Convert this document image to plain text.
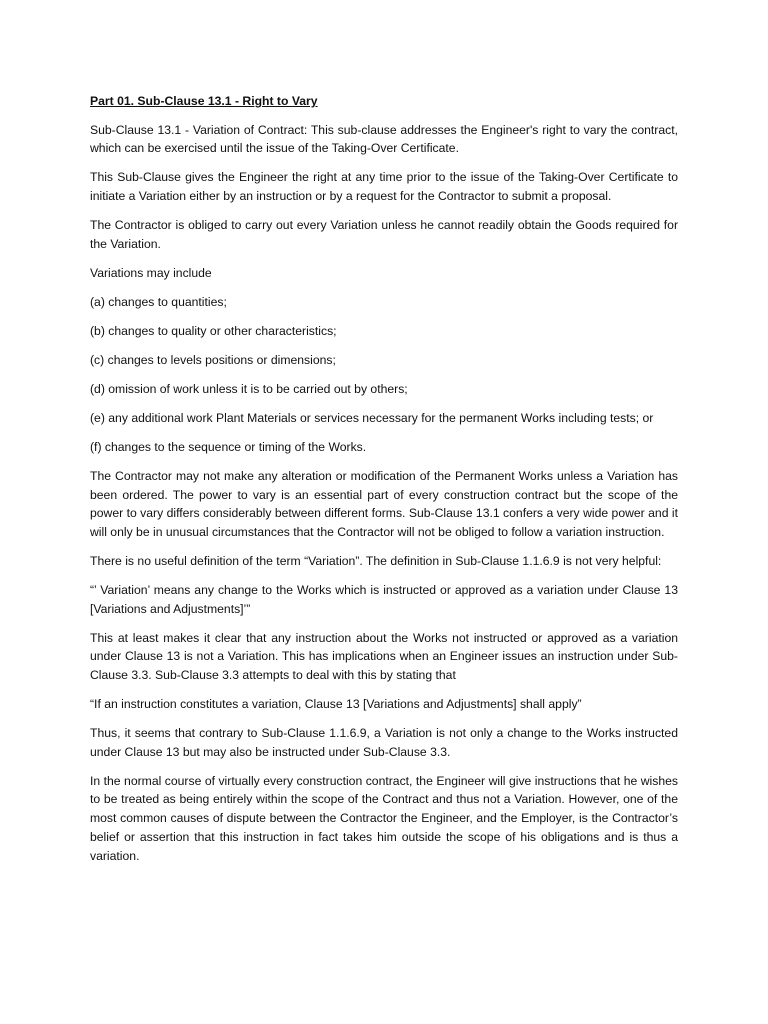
Part 01. Sub-Clause 13.1 - Right to Vary

Sub-Clause 13.1 - Variation of Contract: This sub-clause addresses the Engineer's right to vary the contract, which can be exercised until the issue of the Taking-Over Certificate.

This Sub-Clause gives the Engineer the right at any time prior to the issue of the Taking-Over Certificate to initiate a Variation either by an instruction or by a request for the Contractor to submit a proposal.

The Contractor is obliged to carry out every Variation unless he cannot readily obtain the Goods required for the Variation.

Variations may include

(a) changes to quantities;

(b) changes to quality or other characteristics;

(c) changes to levels positions or dimensions;

(d) omission of work unless it is to be carried out by others;

(e) any additional work Plant Materials or services necessary for the permanent Works including tests; or

(f) changes to the sequence or timing of the Works.

The Contractor may not make any alteration or modification of the Permanent Works unless a Variation has been ordered. The power to vary is an essential part of every construction contract but the scope of the power to vary differs considerably between different forms. Sub-Clause 13.1 confers a very wide power and it will only be in unusual circumstances that the Contractor will not be obliged to follow a variation instruction.

There is no useful definition of the term “Variation”. The definition in Sub-Clause 1.1.6.9 is not very helpful:

“’ Variation’ means any change to the Works which is instructed or approved as a variation under Clause 13 [Variations and Adjustments]’”

This at least makes it clear that any instruction about the Works not instructed or approved as a variation under Clause 13 is not a Variation. This has implications when an Engineer issues an instruction under Sub-Clause 3.3. Sub-Clause 3.3 attempts to deal with this by stating that

“If an instruction constitutes a variation, Clause 13 [Variations and Adjustments] shall apply”

Thus, it seems that contrary to Sub-Clause 1.1.6.9, a Variation is not only a change to the Works instructed under Clause 13 but may also be instructed under Sub-Clause 3.3.

In the normal course of virtually every construction contract, the Engineer will give instructions that he wishes to be treated as being entirely within the scope of the Contract and thus not a Variation. However, one of the most common causes of dispute between the Contractor the Engineer, and the Employer, is the Contractor’s belief or assertion that this instruction in fact takes him outside the scope of his obligations and is thus a variation.
